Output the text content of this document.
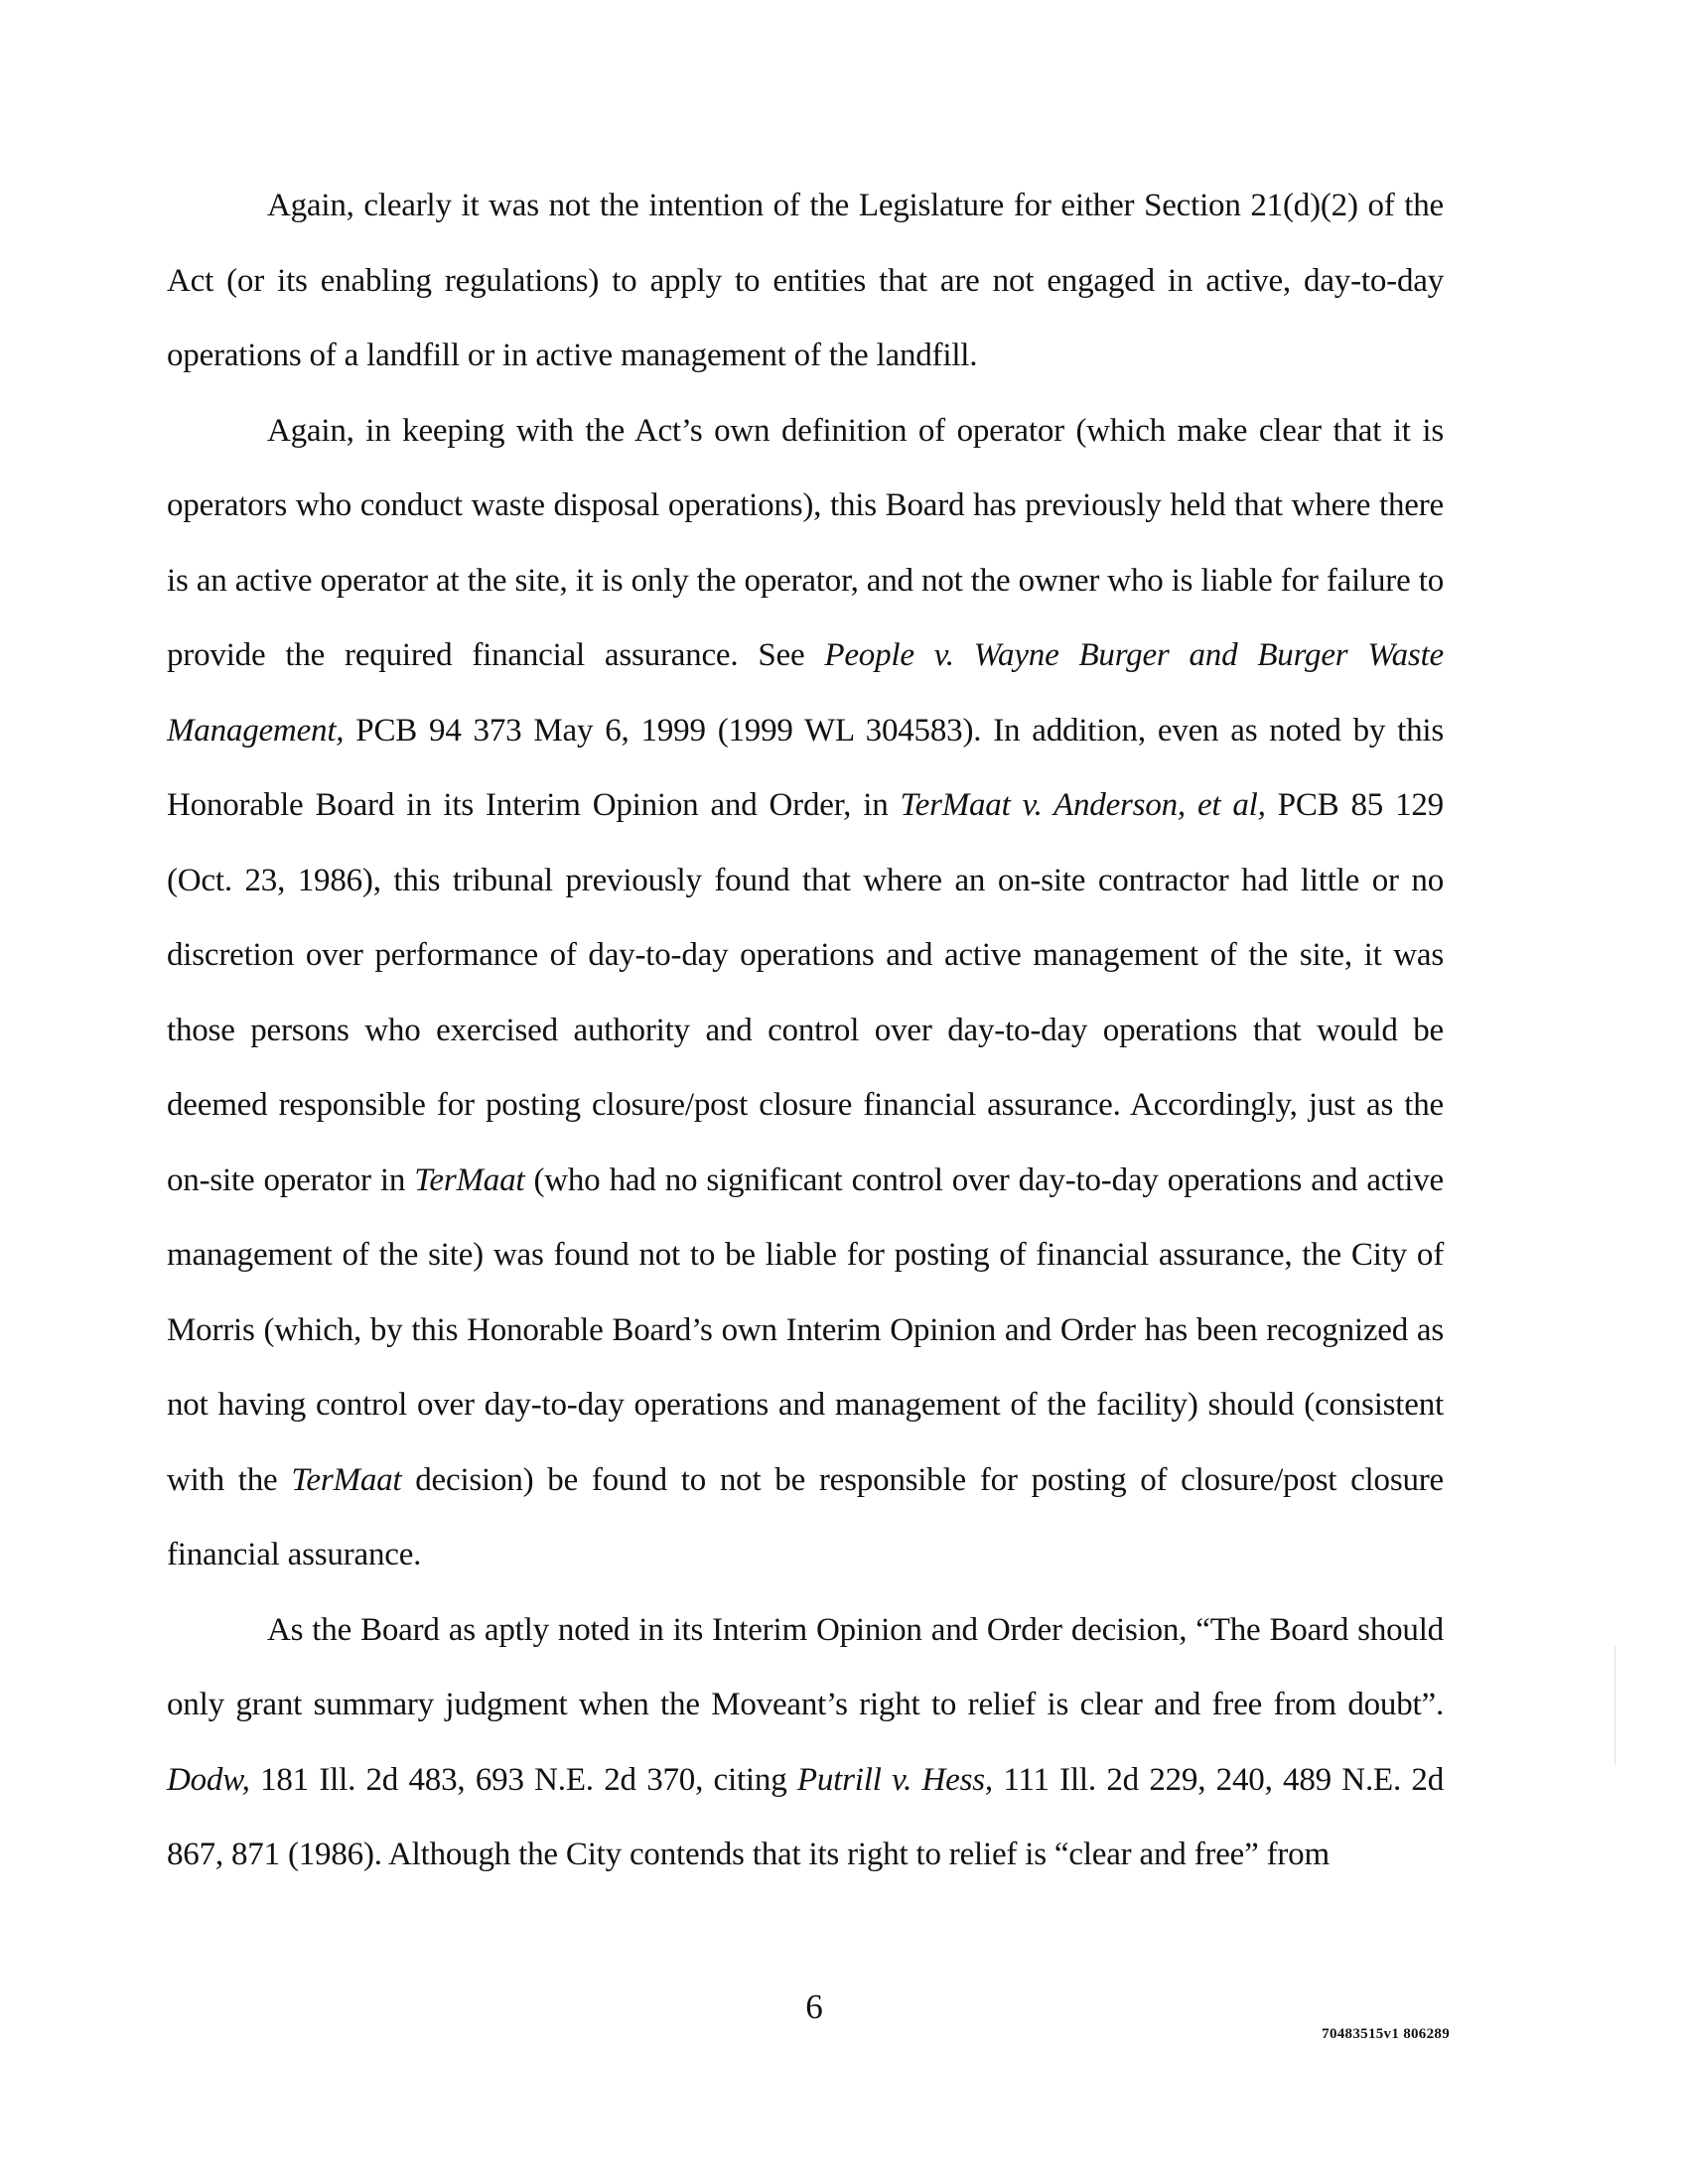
Again, clearly it was not the intention of the Legislature for either Section 21(d)(2) of the Act (or its enabling regulations) to apply to entities that are not engaged in active, day-to-day operations of a landfill or in active management of the landfill.

Again, in keeping with the Act’s own definition of operator (which make clear that it is operators who conduct waste disposal operations), this Board has previously held that where there is an active operator at the site, it is only the operator, and not the owner who is liable for failure to provide the required financial assurance. See People v. Wayne Burger and Burger Waste Management, PCB 94 373 May 6, 1999 (1999 WL 304583). In addition, even as noted by this Honorable Board in its Interim Opinion and Order, in TerMaat v. Anderson, et al, PCB 85 129 (Oct. 23, 1986), this tribunal previously found that where an on-site contractor had little or no discretion over performance of day-to-day operations and active management of the site, it was those persons who exercised authority and control over day-to-day operations that would be deemed responsible for posting closure/post closure financial assurance. Accordingly, just as the on-site operator in TerMaat (who had no significant control over day-to-day operations and active management of the site) was found not to be liable for posting of financial assurance, the City of Morris (which, by this Honorable Board’s own Interim Opinion and Order has been recognized as not having control over day-to-day operations and management of the facility) should (consistent with the TerMaat decision) be found to not be responsible for posting of closure/post closure financial assurance.

As the Board as aptly noted in its Interim Opinion and Order decision, “The Board should only grant summary judgment when the Moveant’s right to relief is clear and free from doubt”. Dodw, 181 Ill. 2d 483, 693 N.E. 2d 370, citing Putrill v. Hess, 111 Ill. 2d 229, 240, 489 N.E. 2d 867, 871 (1986). Although the City contends that its right to relief is “clear and free” from

6
70483515v1 806289
